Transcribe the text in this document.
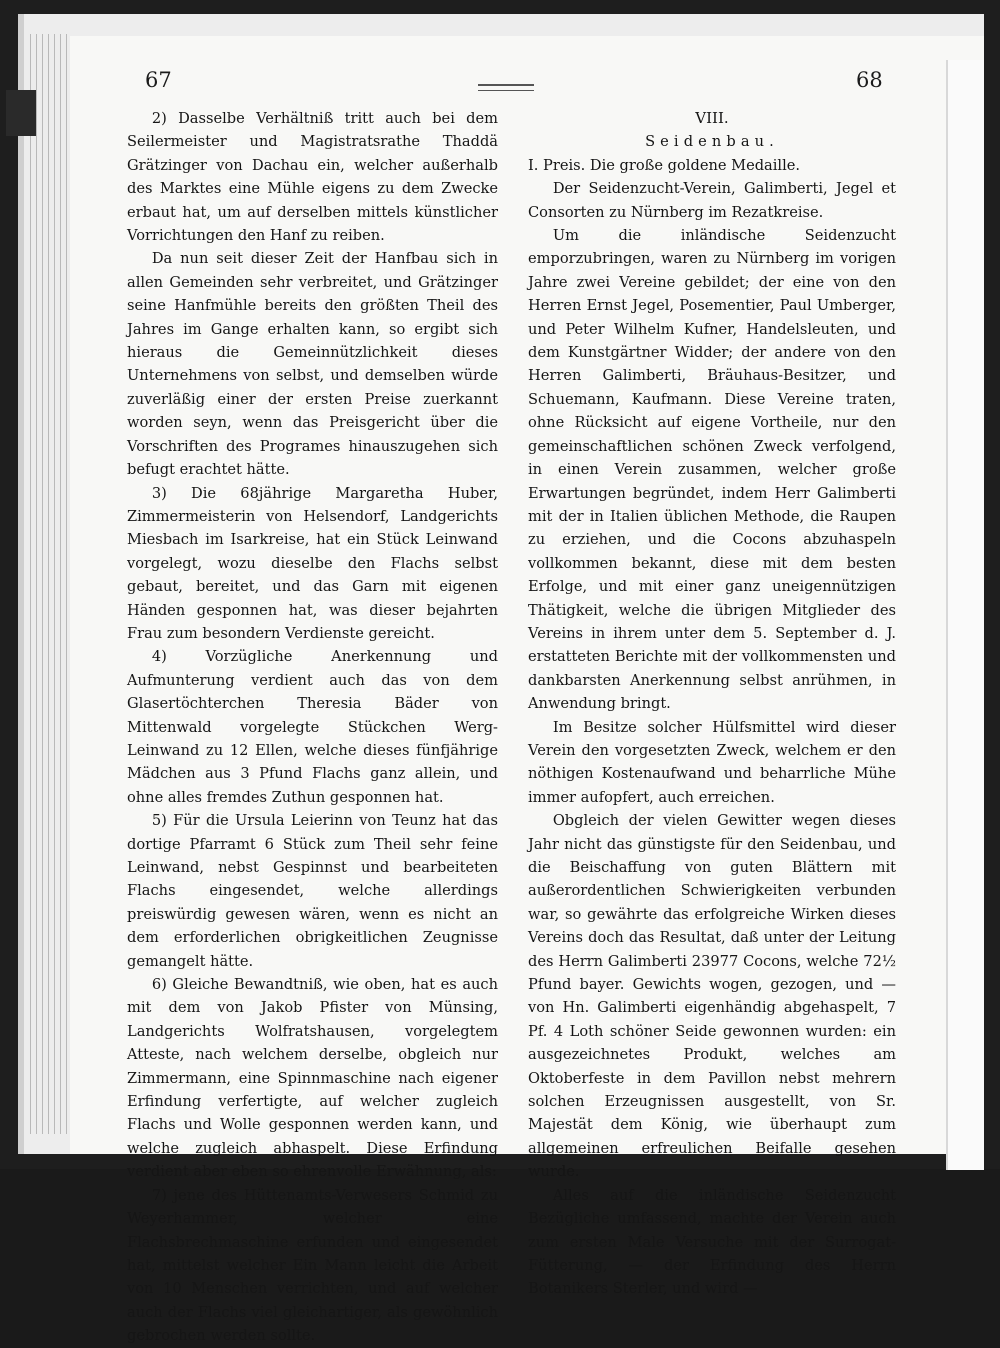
67	68

2) Dasselbe Verhältniß tritt auch bei dem Seilermeister und Magistratsrathe Thaddä Grätzinger von Dachau ein, welcher außerhalb des Marktes eine Mühle eigens zu dem Zwecke erbaut hat, um auf derselben mittels künstlicher Vorrichtungen den Hanf zu reiben.

Da nun seit dieser Zeit der Hanfbau sich in allen Gemeinden sehr verbreitet, und Grätzinger seine Hanfmühle bereits den größten Theil des Jahres im Gange erhalten kann, so ergibt sich hieraus die Gemeinnützlichkeit dieses Unternehmens von selbst, und demselben würde zuverläßig einer der ersten Preise zuerkannt worden seyn, wenn das Preisgericht über die Vorschriften des Programes hinauszugehen sich befugt erachtet hätte.

3) Die 68jährige Margaretha Huber, Zimmermeisterin von Helsendorf, Landgerichts Miesbach im Isarkreise, hat ein Stück Leinwand vorgelegt, wozu dieselbe den Flachs selbst gebaut, bereitet, und das Garn mit eigenen Händen gesponnen hat, was dieser bejahrten Frau zum besondern Verdienste gereicht.

4) Vorzügliche Anerkennung und Aufmunterung verdient auch das von dem Glasertöchterchen Theresia Bäder von Mittenwald vorgelegte Stückchen Werg-Leinwand zu 12 Ellen, welche dieses fünfjährige Mädchen aus 3 Pfund Flachs ganz allein, und ohne alles fremdes Zuthun gesponnen hat.

5) Für die Ursula Leierinn von Teunz hat das dortige Pfarramt 6 Stück zum Theil sehr feine Leinwand, nebst Gespinnst und bearbeiteten Flachs eingesendet, welche allerdings preiswürdig gewesen wären, wenn es nicht an dem erforderlichen obrigkeitlichen Zeugnisse gemangelt hätte.

6) Gleiche Bewandtniß, wie oben, hat es auch mit dem von Jakob Pfister von Münsing, Landgerichts Wolfratshausen, vorgelegtem Atteste, nach welchem derselbe, obgleich nur Zimmermann, eine Spinnmaschine nach eigener Erfindung verfertigte, auf welcher zugleich Flachs und Wolle gesponnen werden kann, und welche zugleich abhaspelt. Diese Erfindung verdient aber eben so ehrenvolle Erwähnung, als:

7) jene des Hüttenamts-Verwesers Schmid zu Weyerhammer, welcher eine Flachsbrechmaschine erfunden und eingesendet hat, mittelst welcher Ein Mann leicht die Arbeit von 10 Menschen verrichten, und auf welcher auch der Flachs viel gleichartiger, als gewöhnlich gebrochen werden sollte.

VIII.

Seidenbau.

I. Preis. Die große goldene Medaille.

Der Seidenzucht-Verein, Galimberti, Jegel et Consorten zu Nürnberg im Rezatkreise.

Um die inländische Seidenzucht emporzubringen, waren zu Nürnberg im vorigen Jahre zwei Vereine gebildet; der eine von den Herren Ernst Jegel, Posementier, Paul Umberger, und Peter Wilhelm Kufner, Handelsleuten, und dem Kunstgärtner Widder; der andere von den Herren Galimberti, Bräuhaus-Besitzer, und Schuemann, Kaufmann. Diese Vereine traten, ohne Rücksicht auf eigene Vortheile, nur den gemeinschaftlichen schönen Zweck verfolgend, in einen Verein zusammen, welcher große Erwartungen begründet, indem Herr Galimberti mit der in Italien üblichen Methode, die Raupen zu erziehen, und die Cocons abzuhaspeln vollkommen bekannt, diese mit dem besten Erfolge, und mit einer ganz uneigennützigen Thätigkeit, welche die übrigen Mitglieder des Vereins in ihrem unter dem 5. September d. J. erstatteten Berichte mit der vollkommensten und dankbarsten Anerkennung selbst anrühmen, in Anwendung bringt.

Im Besitze solcher Hülfsmittel wird dieser Verein den vorgesetzten Zweck, welchem er den nöthigen Kostenaufwand und beharrliche Mühe immer aufopfert, auch erreichen.

Obgleich der vielen Gewitter wegen dieses Jahr nicht das günstigste für den Seidenbau, und die Beischaffung von guten Blättern mit außerordentlichen Schwierigkeiten verbunden war, so gewährte das erfolgreiche Wirken dieses Vereins doch das Resultat, daß unter der Leitung des Herrn Galimberti 23977 Cocons, welche 72½ Pfund bayer. Gewichts wogen, gezogen, und — von Hn. Galimberti eigenhändig abgehaspelt, 7 Pf. 4 Loth schöner Seide gewonnen wurden: ein ausgezeichnetes Produkt, welches am Oktoberfeste in dem Pavillon nebst mehrern solchen Erzeugnissen ausgestellt, von Sr. Majestät dem König, wie überhaupt zum allgemeinen erfreulichen Beifalle gesehen wurde.

Alles auf die inländische Seidenzucht Bezügliche umfassend, machte der Verein auch zum ersten Male Versuche mit der Surrogat-Fütterung, — der Erfindung des Herrn Botanikers Sterler, und wird —
